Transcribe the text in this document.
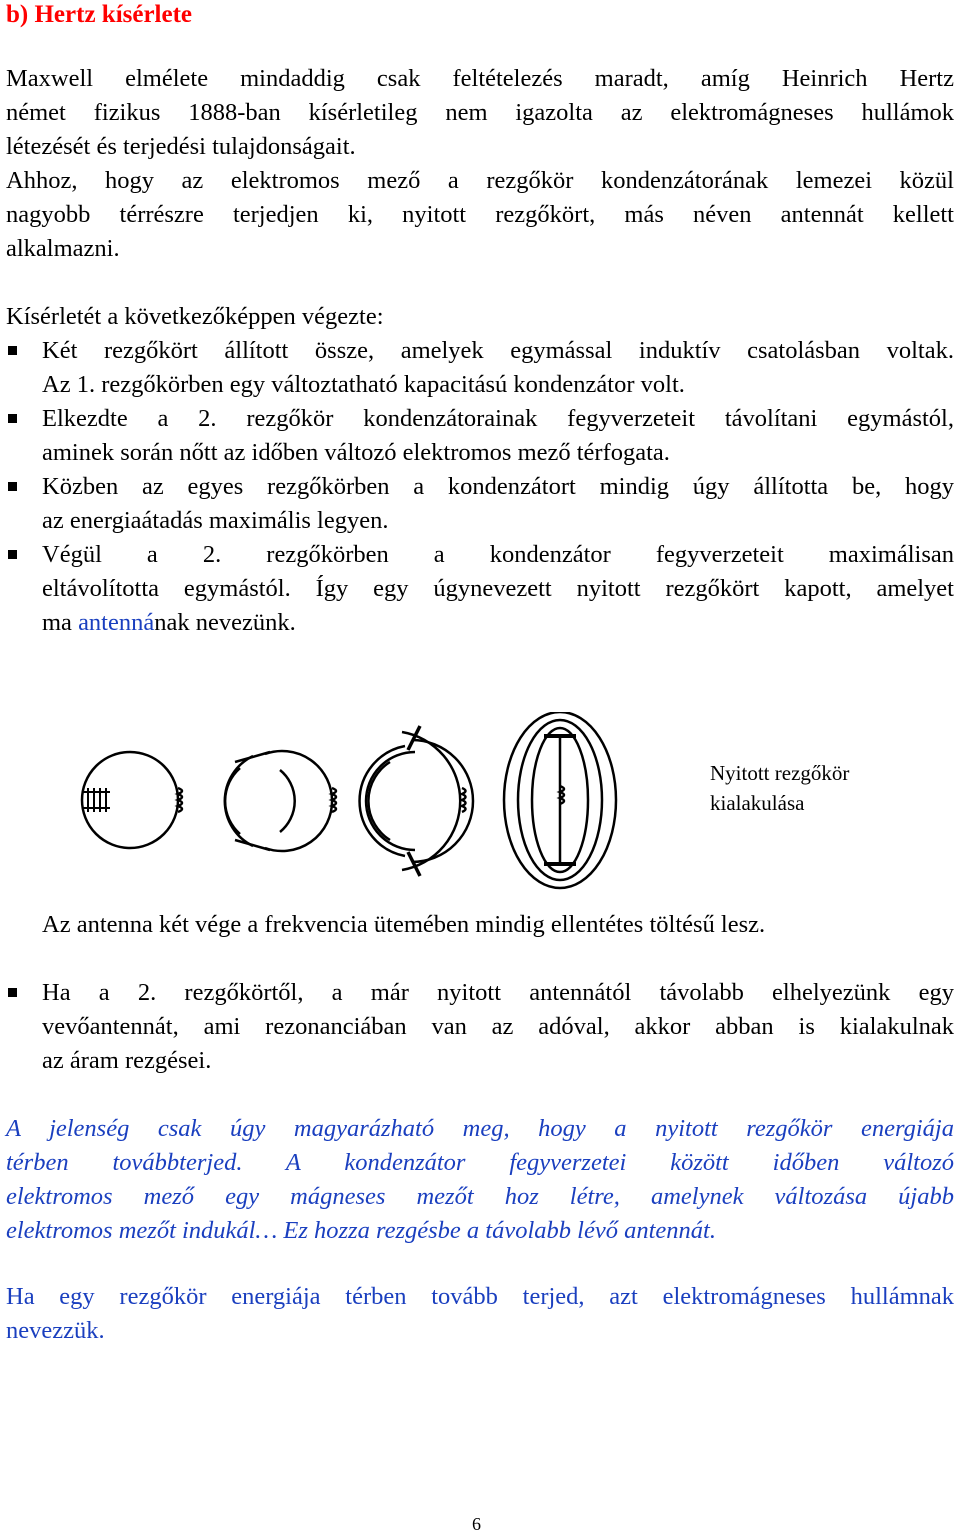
b) Hertz kísérlete
Maxwell elmélete mindaddig csak feltételezés maradt, amíg Heinrich Hertz
német fizikus 1888-ban kísérletileg nem igazolta az elektromágneses hullámok
létezését és terjedési tulajdonságait.
Ahhoz, hogy az elektromos mező a rezgőkör kondenzátorának lemezei közül
nagyobb térrészre terjedjen ki, nyitott rezgőkört, más néven antennát kellett
alkalmazni.
Kísérletét a következőképpen végezte:
Két rezgőkört állított össze, amelyek egymással induktív csatolásban voltak.
Az 1. rezgőkörben egy változtatható kapacitású kondenzátor volt.
Elkezdte a 2. rezgőkör kondenzátorainak fegyverzeteit távolítani egymástól,
aminek során nőtt az időben változó elektromos mező térfogata.
Közben az egyes rezgőkörben a kondenzátort mindig úgy állította be, hogy
az energiaátadás maximális legyen.
Végül a 2. rezgőkörben a kondenzátor fegyverzeteit maximálisan
eltávolította egymástól. Így egy úgynevezett nyitott rezgőkört kapott, amelyet
ma antennának nevezünk.
Nyitott rezgőkör
kialakulása
Az antenna két vége a frekvencia ütemében mindig ellentétes töltésű lesz.
Ha a 2. rezgőkörtől, a már nyitott antennától távolabb elhelyezünk egy
vevőantennát, ami rezonanciában van az adóval, akkor abban is kialakulnak
az áram rezgései.
A jelenség csak úgy magyarázható meg, hogy a nyitott rezgőkör energiája
térben továbbterjed. A kondenzátor fegyverzetei között időben változó
elektromos mező egy mágneses mezőt hoz létre, amelynek változása újabb
elektromos mezőt indukál… Ez hozza rezgésbe a távolabb lévő antennát.
Ha egy rezgőkör energiája térben tovább terjed, azt elektromágneses hullámnak
nevezzük.
6
